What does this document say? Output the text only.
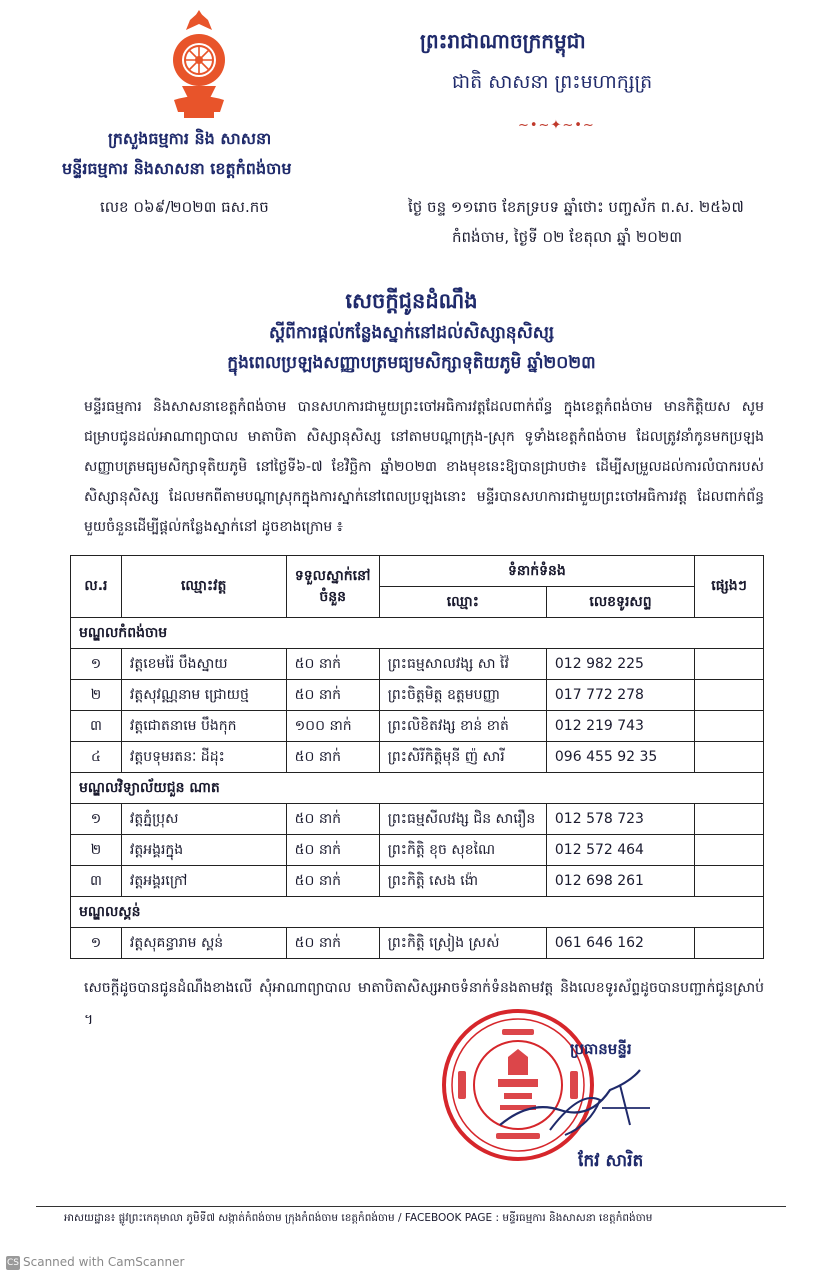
ព្រះរាជាណាចក្រកម្ពុជា
ជាតិ សាសនា ព្រះមហាក្សត្រ
~•~✦~•~
ក្រសួងធម្មការ និង សាសនា
មន្ទីរធម្មការ និងសាសនា ខេត្តកំពង់ចាម
លេខ ០៦៩/២០២៣ ធស.កច	ថ្ងៃ ចន្ទ ១១រោច ខែភទ្របទ ឆ្នាំថោះ បញ្ចស័ក ព.ស. ២៥៦៧
កំពង់ចាម, ថ្ងៃទី ០២ ខែតុលា ឆ្នាំ ២០២៣
សេចក្តីជូនដំណឹង
ស្តីពីការផ្តល់កន្លែងស្នាក់នៅដល់សិស្សានុសិស្ស
ក្នុងពេលប្រឡងសញ្ញាបត្រមធ្យមសិក្សាទុតិយភូមិ ឆ្នាំ២០២៣
មន្ទីរធម្មការ និងសាសនាខេត្តកំពង់ចាម បានសហការជាមួយព្រះចៅអធិការវត្តដែលពាក់ព័ន្ធ ក្នុងខេត្តកំពង់ចាម មានកិត្តិយស សូមជម្រាបជូនដល់អាណាព្យាបាល មាតាបិតា សិស្សានុសិស្ស នៅតាមបណ្តាក្រុង-ស្រុក ទូទាំងខេត្តកំពង់ចាម ដែលត្រូវនាំកូនមកប្រឡងសញ្ញាបត្រមធ្យមសិក្សាទុតិយភូមិ នៅថ្ងៃទី៦-៧ ខែវិច្ឆិកា ឆ្នាំ២០២៣ ខាងមុខនេះឱ្យបានជ្រាបថា៖ ដើម្បីសម្រួលដល់ការលំបាករបស់សិស្សានុសិស្ស ដែលមកពីតាមបណ្តាស្រុកក្នុងការស្នាក់នៅពេលប្រឡងនោះ មន្ទីរបានសហការជាមួយព្រះចៅអធិការវត្ត ដែលពាក់ព័ន្ធមួយចំនួនដើម្បីផ្តល់កន្លែងស្នាក់នៅ ដូចខាងក្រោម ៖
ល.រ	ឈ្មោះវត្ត	ទទួលស្នាក់នៅចំនួន	ទំនាក់ទំនង		ផ្សេងៗ
			ឈ្មោះ	លេខទូរសព្ទ	
មណ្ឌលកំពង់ចាម					
១	វត្តខេមរ៉ៃ បឹងស្នាយ	៥០ នាក់	ព្រះធម្មសាលវង្ស សា វ៉ៃ	012 982 225	
២	វត្តសុវណ្ណនាម ជ្រោយថ្ម	៥០ នាក់	ព្រះចិត្តមិត្ត ឧត្តមបញ្ញា	017 772 278	
៣	វត្តជោតនាមេ បឹងកុក	១០០ នាក់	ព្រះលិខិតវង្ស ខាន់ ខាត់	012 219 743	
៤	វត្តបទុមរតនៈ ដីដុះ	៥០ នាក់	ព្រះសិរីកិត្តិមុនី ញ៉ សារី	096 455 92 35	
មណ្ឌលវិទ្យាល័យជួន ណាត					
១	វត្តភ្នំប្រុស	៥០ នាក់	ព្រះធម្មសីលវង្ស ជិន សារឿន	012 578 723	
២	វត្តអង្គរក្នុង	៥០ នាក់	ព្រះកិត្តិ ខុច សុខណៃ	012 572 464	
៣	វត្តអង្គរក្រៅ	៥០ នាក់	ព្រះកិត្តិ សេង ង៉ោ	012 698 261	
មណ្ឌលស្គន់					
១	វត្តសុគន្ធារាម ស្គន់	៥០ នាក់	ព្រះកិត្តិ ស្រៀង ស្រស់	061 646 162	
សេចក្តីដូចបានជូនដំណឹងខាងលើ សុំអាណាព្យាបាល មាតាបិតាសិស្សអាចទំនាក់ទំនងតាមវត្ត និងលេខទូរស័ព្ទដូចបានបញ្ជាក់ជូនស្រាប់ ។
ប្រធានមន្ទីរ
កែវ សារិត
អាសយដ្ឋាន៖ ផ្លូវព្រះកេតុមាលា ភូមិទី៧ សង្កាត់កំពង់ចាម ក្រុងកំពង់ចាម ខេត្តកំពង់ចាម / FACEBOOK PAGE : មន្ទីរធម្មការ និងសាសនា ខេត្តកំពង់ចាម
CS Scanned with CamScanner
